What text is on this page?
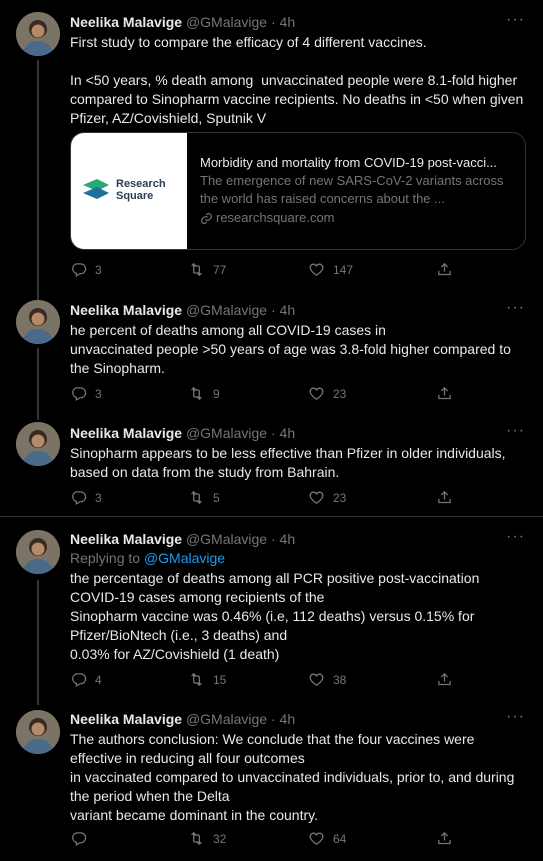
Neelika Malavige @GMalavige · 4h	···
First study to compare the efficacy of 4 different vaccines.

In <50 years, % death among  unvaccinated people were 8.1-fold higher compared to Sinopharm vaccine recipients. No deaths in <50 when given Pfizer, AZ/Covishield, Sputnik V
Research
Square
Morbidity and mortality from COVID-19 post-vacci...
The emergence of new SARS-CoV-2 variants across the world has raised concerns about the ...
researchsquare.com
3	77	147
Neelika Malavige @GMalavige · 4h	···
he percent of deaths among all COVID-19 cases in
unvaccinated people >50 years of age was 3.8-fold higher compared to the Sinopharm.
3	9	23
Neelika Malavige @GMalavige · 4h	···
Sinopharm appears to be less effective than Pfizer in older individuals, based on data from the study from Bahrain.
3	5	23
Neelika Malavige @GMalavige · 4h	···
Replying to @GMalavige
the percentage of deaths among all PCR positive post-vaccination COVID-19 cases among recipients of the
Sinopharm vaccine was 0.46% (i.e, 112 deaths) versus 0.15% for Pfizer/BioNtech (i.e., 3 deaths) and
0.03% for AZ/Covishield (1 death)
4	15	38
Neelika Malavige @GMalavige · 4h	···
The authors conclusion: We conclude that the four vaccines were effective in reducing all four outcomes
in vaccinated compared to unvaccinated individuals, prior to, and during the period when the Delta
variant became dominant in the country.
32	64
